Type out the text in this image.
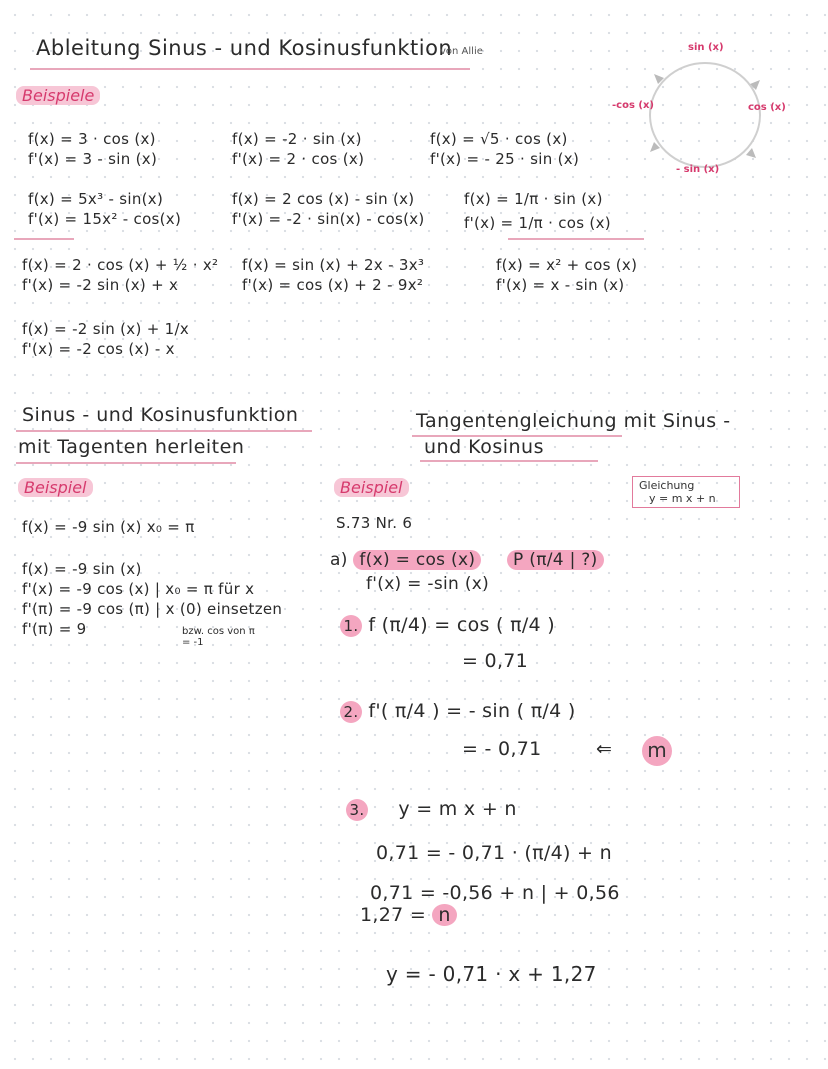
Ableitung Sinus - und Kosinusfunktion
von Allie
Beispiele
sin (x)
cos (x)
- sin (x)
-cos (x)
f(x) = 3 · cos (x)
f'(x) = 3 - sin (x)
f(x) = -2 · sin (x)
f'(x) = 2 · cos (x)
f(x) = √5 · cos (x)
f'(x) = - 25 · sin (x)
f(x) = 5x³ - sin(x)
f'(x) = 15x² - cos(x)
f(x) = 2 cos (x) - sin (x)
f'(x) = -2 · sin(x) - cos(x)
f(x) = 1/π · sin (x)
f'(x) = 1/π · cos (x)
f(x) = 2 · cos (x) + ½ · x²
f'(x) = -2 sin (x) + x
f(x) = sin (x) + 2x - 3x³
f'(x) = cos (x) + 2 - 9x²
f(x) = x² + cos (x)
f'(x) = x - sin (x)
f(x) = -2 sin (x) + 1/x
f'(x) = -2 cos (x) - x
Sinus - und Kosinusfunktion
mit Tagenten herleiten
Beispiel
f(x) = -9 sin (x) x₀ = π
f(x) = -9 sin (x)
f'(x) = -9 cos (x) | x₀ = π für x
f'(π) = -9 cos (π) | x (0) einsetzen
f'(π) = 9	bzw. cos von π = -1
Tangentengleichung mit Sinus -
und Kosinus
Beispiel	Gleichung
y = m x + n
S.73 Nr. 6
a) f(x) = cos (x) P (π/4 | ?)
f'(x) = -sin (x)
1. f (π/4) = cos ( π/4 )
= 0,71
2. f'( π/4 ) = - sin ( π/4 )
= - 0,71	⇐ m
3. y = m x + n
0,71 = - 0,71 · (π/4) + n
0,71 = -0,56 + n | + 0,56
1,27 = n
y = - 0,71 · x + 1,27
